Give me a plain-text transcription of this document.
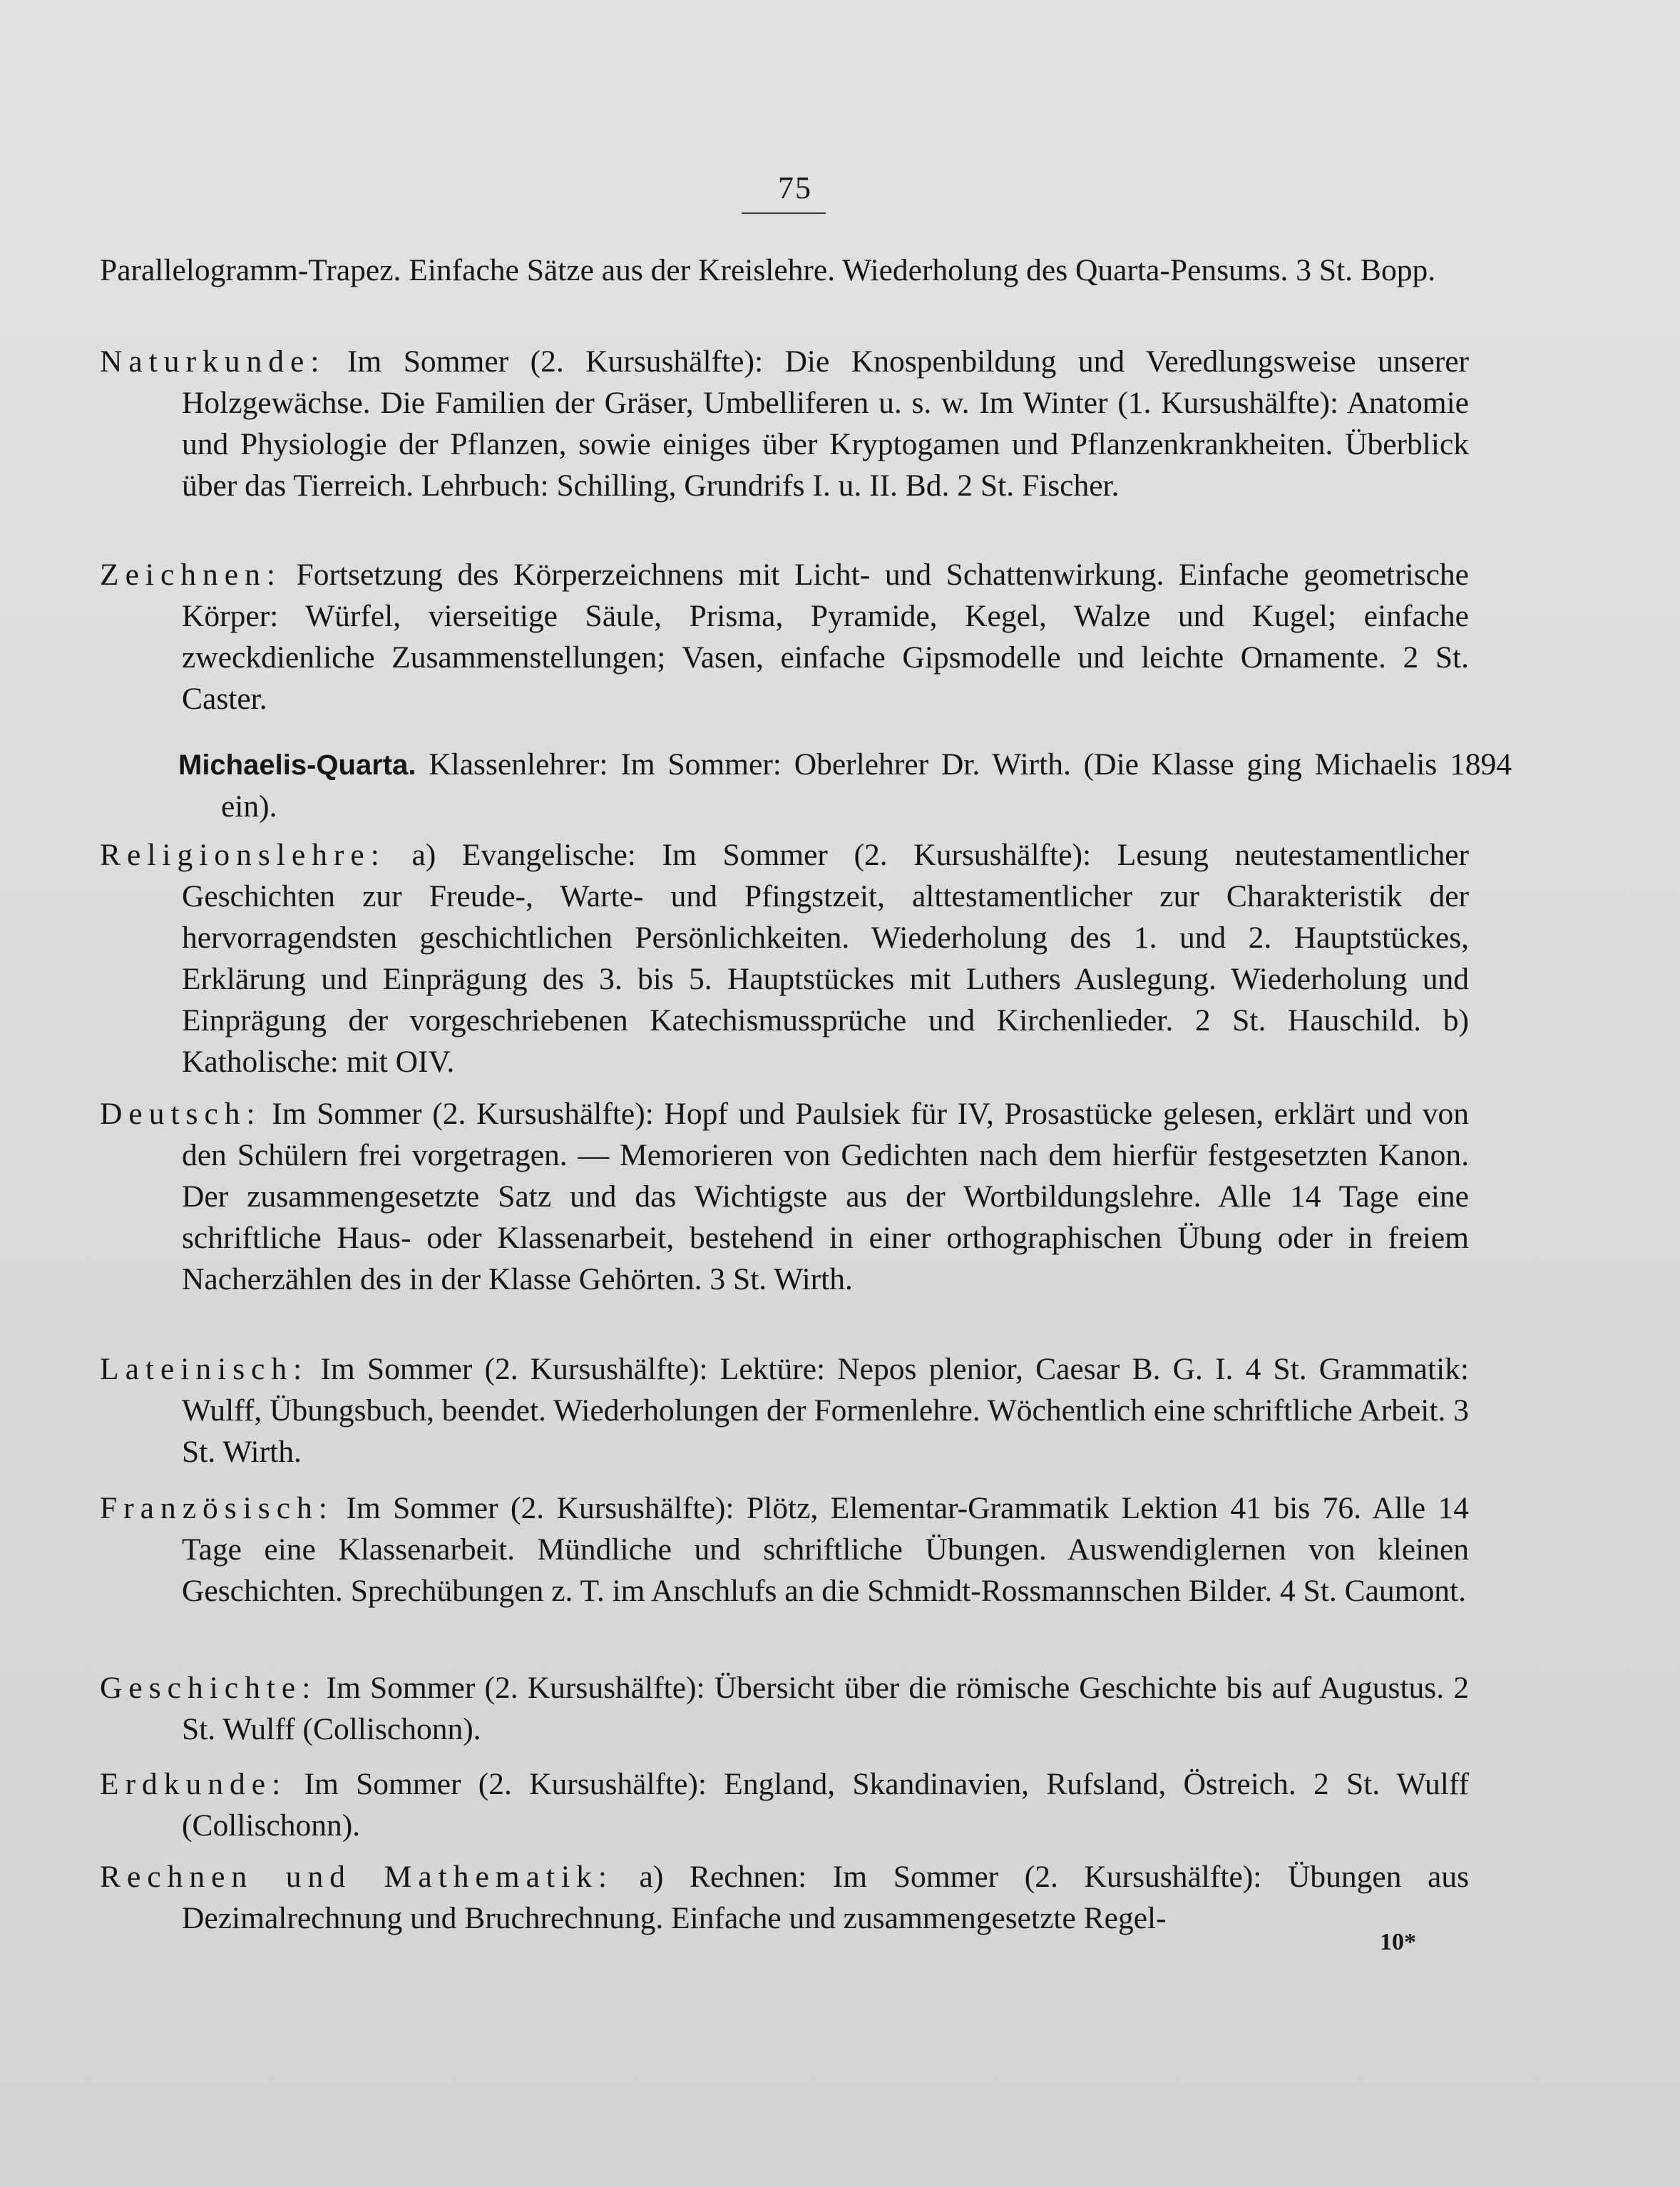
75
Parallelogramm-Trapez. Einfache Sätze aus der Kreislehre. Wiederholung des Quarta-Pensums. 3 St. Bopp.
Naturkunde: Im Sommer (2. Kursushälfte): Die Knospenbildung und Veredlungsweise unserer Holzgewächse. Die Familien der Gräser, Umbelliferen u. s. w. Im Winter (1. Kursushälfte): Anatomie und Physiologie der Pflanzen, sowie einiges über Kryptogamen und Pflanzenkrankheiten. Überblick über das Tierreich. Lehrbuch: Schilling, Grundrifs I. u. II. Bd. 2 St. Fischer.
Zeichnen: Fortsetzung des Körperzeichnens mit Licht- und Schattenwirkung. Einfache geometrische Körper: Würfel, vierseitige Säule, Prisma, Pyramide, Kegel, Walze und Kugel; einfache zweckdienliche Zusammenstellungen; Vasen, einfache Gipsmodelle und leichte Ornamente. 2 St. Caster.
Michaelis-Quarta. Klassenlehrer: Im Sommer: Oberlehrer Dr. Wirth. (Die Klasse ging Michaelis 1894 ein).
Religionslehre: a) Evangelische: Im Sommer (2. Kursushälfte): Lesung neutestamentlicher Geschichten zur Freude-, Warte- und Pfingstzeit, alttestamentlicher zur Charakteristik der hervorragendsten geschichtlichen Persönlichkeiten. Wiederholung des 1. und 2. Hauptstückes, Erklärung und Einprägung des 3. bis 5. Hauptstückes mit Luthers Auslegung. Wiederholung und Einprägung der vorgeschriebenen Katechismussprüche und Kirchenlieder. 2 St. Hauschild. b) Katholische: mit OIV.
Deutsch: Im Sommer (2. Kursushälfte): Hopf und Paulsiek für IV, Prosastücke gelesen, erklärt und von den Schülern frei vorgetragen. — Memorieren von Gedichten nach dem hierfür festgesetzten Kanon. Der zusammengesetzte Satz und das Wichtigste aus der Wortbildungslehre. Alle 14 Tage eine schriftliche Haus- oder Klassenarbeit, bestehend in einer orthographischen Übung oder in freiem Nacherzählen des in der Klasse Gehörten. 3 St. Wirth.
Lateinisch: Im Sommer (2. Kursushälfte): Lektüre: Nepos plenior, Caesar B. G. I. 4 St. Grammatik: Wulff, Übungsbuch, beendet. Wiederholungen der Formenlehre. Wöchentlich eine schriftliche Arbeit. 3 St. Wirth.
Französisch: Im Sommer (2. Kursushälfte): Plötz, Elementar-Grammatik Lektion 41 bis 76. Alle 14 Tage eine Klassenarbeit. Mündliche und schriftliche Übungen. Auswendiglernen von kleinen Geschichten. Sprechübungen z. T. im Anschlufs an die Schmidt-Rossmannschen Bilder. 4 St. Caumont.
Geschichte: Im Sommer (2. Kursushälfte): Übersicht über die römische Geschichte bis auf Augustus. 2 St. Wulff (Collischonn).
Erdkunde: Im Sommer (2. Kursushälfte): England, Skandinavien, Rufsland, Östreich. 2 St. Wulff (Collischonn).
Rechnen und Mathematik: a) Rechnen: Im Sommer (2. Kursushälfte): Übungen aus Dezimalrechnung und Bruchrechnung. Einfache und zusammengesetzte Regel-
10*
